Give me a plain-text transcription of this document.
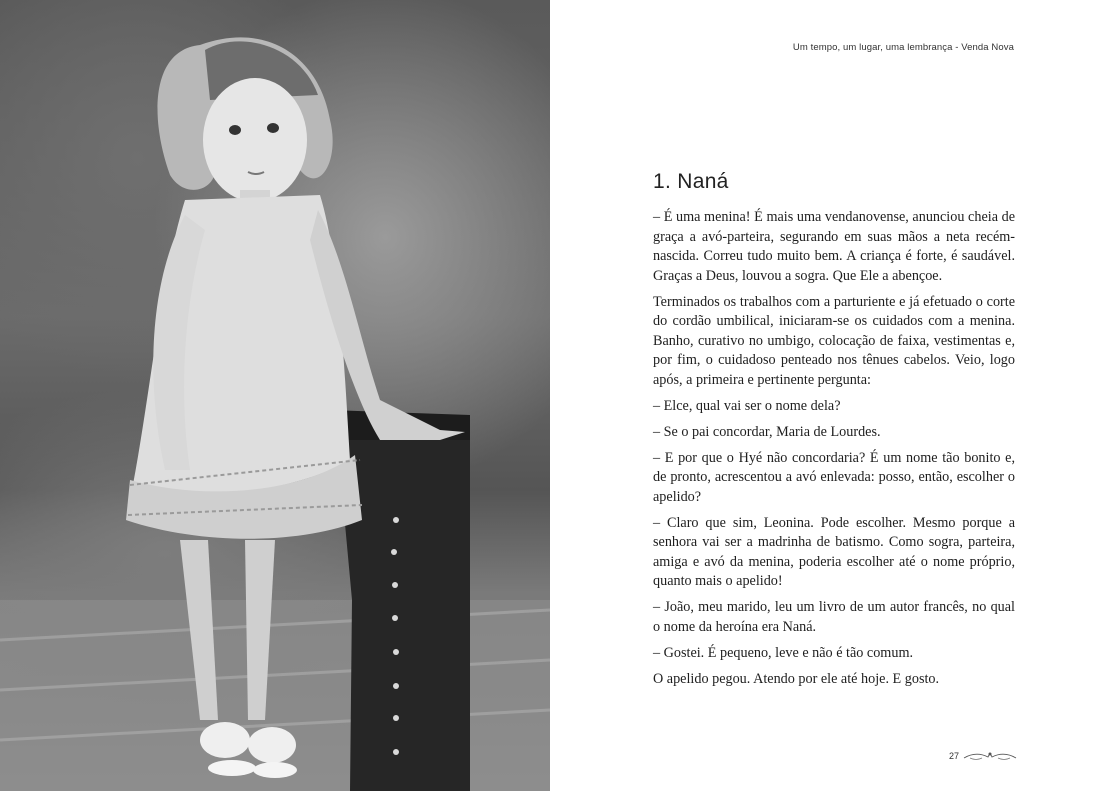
Um tempo, um lugar, uma lembrança - Venda Nova
1. Naná

– É uma menina! É mais uma vendanovense, anunciou cheia de graça a avó-parteira, segurando em suas mãos a neta recém-nascida. Correu tudo muito bem. A criança é forte, é saudável. Graças a Deus, louvou a sogra. Que Ele a abençoe.

Terminados os trabalhos com a parturiente e já efetuado o corte do cordão umbilical, iniciaram-se os cuidados com a menina. Banho, curativo no umbigo, colocação de faixa, vestimentas e, por fim, o cuidadoso penteado nos tênues cabelos. Veio, logo após, a primeira e pertinente pergunta:

– Elce, qual vai ser o nome dela?

– Se o pai concordar, Maria de Lourdes.

– E por que o Hyé não concordaria? É um nome tão bonito e, de pronto, acrescentou a avó enlevada: posso, então, escolher o apelido?

– Claro que sim, Leonina. Pode escolher. Mesmo porque a senhora vai ser a madrinha de batismo. Como sogra, parteira, amiga e avó da menina, poderia escolher até o nome próprio, quanto mais o apelido!

– João, meu marido, leu um livro de um autor francês, no qual o nome da heroína era Naná.

– Gostei. É pequeno, leve e não é tão comum.

O apelido pegou. Atendo por ele até hoje. E gosto.

27
